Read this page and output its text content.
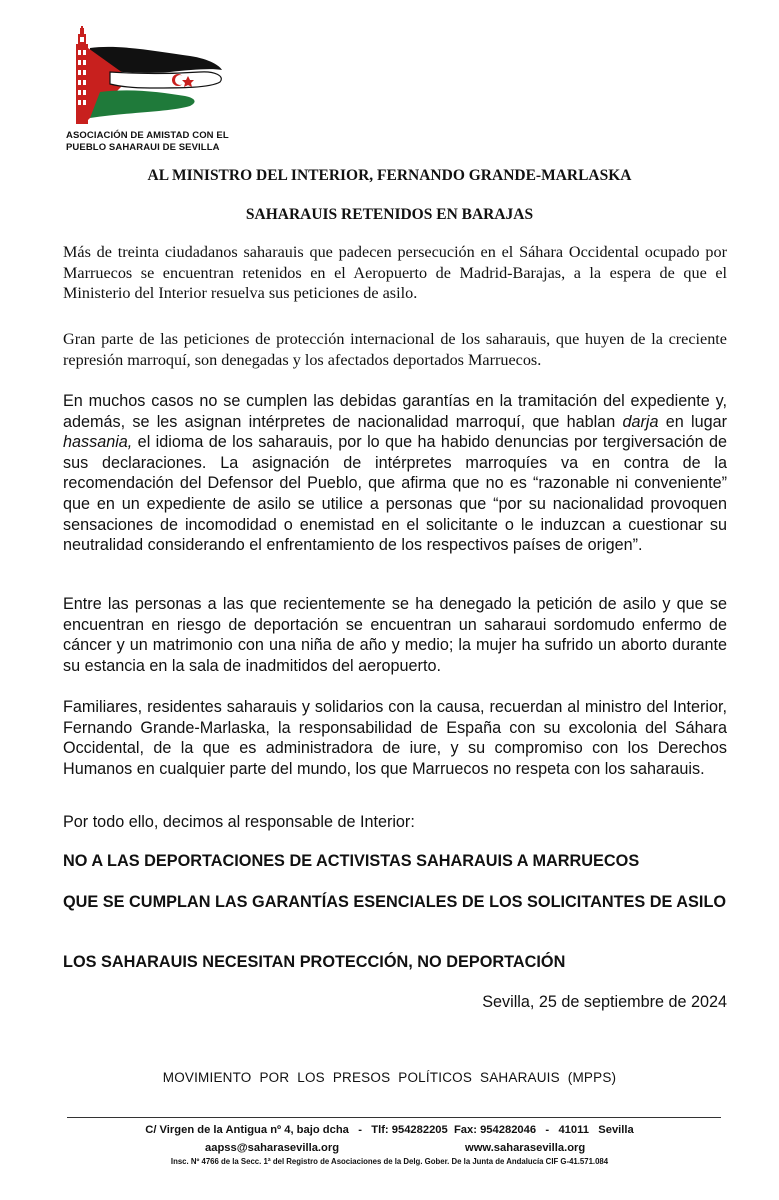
ASOCIACIÓN DE AMISTAD CON EL
PUEBLO SAHARAUI DE SEVILLA
AL MINISTRO DEL INTERIOR, FERNANDO GRANDE-MARLASKA
SAHARAUIS RETENIDOS EN BARAJAS
Más de treinta ciudadanos saharauis que padecen persecución en el Sáhara Occidental ocupado por Marruecos se encuentran retenidos en el Aeropuerto de Madrid-Barajas, a la espera de que el Ministerio del Interior resuelva sus peticiones de asilo.
Gran parte de las peticiones de protección internacional de los saharauis, que huyen de la creciente represión marroquí, son denegadas y los afectados deportados Marruecos.
En muchos casos no se cumplen las debidas garantías en la tramitación del expediente y, además, se les asignan intérpretes de nacionalidad marroquí, que hablan darja en lugar hassania, el idioma de los saharauis, por lo que ha habido denuncias por tergiversación de sus declaraciones. La asignación de intérpretes marroquíes va en contra de la recomendación del Defensor del Pueblo, que afirma que no es “razonable ni conveniente” que en un expediente de asilo se utilice a personas que “por su nacionalidad provoquen sensaciones de incomodidad o enemistad en el solicitante o le induzcan a cuestionar su neutralidad considerando el enfrentamiento de los respectivos países de origen”.
Entre las personas a las que recientemente se ha denegado la petición de asilo y que se encuentran en riesgo de deportación se encuentran un saharaui sordomudo enfermo de cáncer y un matrimonio con una niña de año y medio; la mujer ha sufrido un aborto durante su estancia en la sala de inadmitidos del aeropuerto.
Familiares, residentes saharauis y solidarios con la causa, recuerdan al ministro del Interior, Fernando Grande-Marlaska, la responsabilidad de España con su excolonia del Sáhara Occidental, de la que es administradora de iure, y su compromiso con los Derechos Humanos en cualquier parte del mundo, los que Marruecos no respeta con los saharauis.
Por todo ello, decimos al responsable de Interior:
NO A LAS DEPORTACIONES DE ACTIVISTAS SAHARAUIS A MARRUECOS
QUE SE CUMPLAN LAS GARANTÍAS ESENCIALES DE LOS SOLICITANTES DE ASILO
LOS SAHARAUIS NECESITAN PROTECCIÓN, NO DEPORTACIÓN
Sevilla, 25 de septiembre de 2024
MOVIMIENTO POR LOS PRESOS POLÍTICOS SAHARAUIS (MPPS)
C/ Virgen de la Antigua nº 4, bajo dcha   -   Tlf: 954282205  Fax: 954282046   -   41011   Sevilla
aapss@saharasevilla.org	www.saharasevilla.org
Insc. Nº 4766 de la Secc. 1ª del Registro de Asociaciones de la Delg. Gober. De la Junta de Andalucía CIF G-41.571.084
